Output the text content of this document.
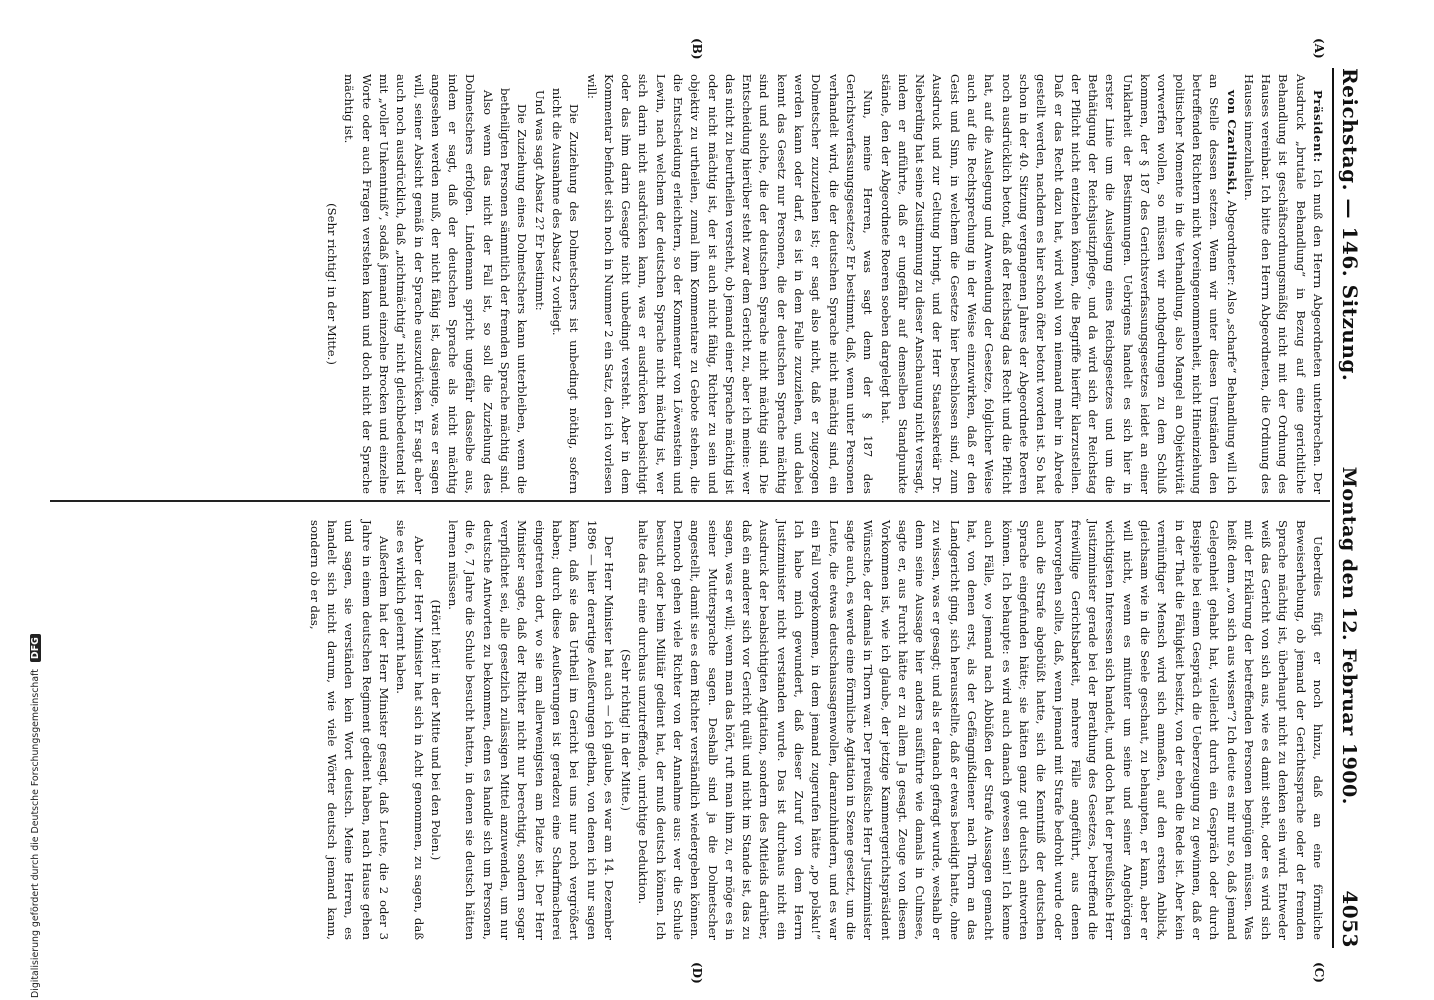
Reichstag. — 146. Sitzung.
Montag den 12. Februar 1900.
4053
(A)
(B)
(C)
(D)

Präsident: Ich muß den Herrn Abgeordneten unterbrechen. Der Ausdruck „brutale Behandlung“ in Bezug auf eine gerichtliche Behandlung ist geschäftsordnungsmäßig nicht mit der Ordnung des Hauses vereinbar. Ich bitte den Herrn Abgeordneten, die Ordnung des Hauses innezuhalten.

von Czarlinski, Abgeordneter: Also „scharfe“ Behandlung will ich an Stelle dessen setzen. Wenn wir unter diesen Umständen den betreffenden Richtern nicht Voreingenommenheit, nicht Hineinziehung politischer Momente in die Verhandlung, also Mangel an Objektivität vorwerfen wollen, so müssen wir nothgedrungen zu dem Schluß kommen, der § 187 des Gerichtsverfassungsgesetzes leidet an einer Unklarheit der Bestimmungen. Uebrigens handelt es sich hier in erster Linie um die Auslegung eines Reichsgesetzes und um die Bethätigung der Reichsjustizpflege, und da wird sich der Reichstag der Pflicht nicht entziehen können, die Begriffe hierfür klarzustellen. Daß er das Recht dazu hat, wird wohl von niemand mehr in Abrede gestellt werden, nachdem es hier schon öfter betont worden ist. So hat schon in der 40. Sitzung vergangenen Jahres der Abgeordnete Roeren noch ausdrücklich betont, daß der Reichstag das Recht und die Pflicht hat, auf die Auslegung und Anwendung der Gesetze, folglicher Weise auch auf die Rechtsprechung in der Weise einzuwirken, daß er den Geist und Sinn, in welchem die Gesetze hier beschlossen sind, zum Ausdruck und zur Geltung bringt, und der Herr Staatssekretär Dr. Nieberding hat seine Zustimmung zu dieser Anschauung nicht versagt, indem er anführte, daß er ungefähr auf demselben Standpunkte stände, den der Abgeordnete Roeren soeben dargelegt hat.

Nun, meine Herren, was sagt denn der § 187 des Gerichtsverfassungsgesetzes? Er bestimmt, daß, wenn unter Personen verhandelt wird, die der deutschen Sprache nicht mächtig sind, ein Dolmetscher zuzuziehen ist; er sagt also nicht, daß er zugezogen werden kann oder darf, es ist in dem Falle zuzuziehen, und dabei kennt das Gesetz nur Personen, die der deutschen Sprache mächtig sind und solche, die der deutschen Sprache nicht mächtig sind. Die Entscheidung hierüber steht zwar dem Gericht zu, aber ich meine: wer das nicht zu beurtheilen versteht, ob jemand einer Sprache mächtig ist oder nicht mächtig ist, der ist auch nicht fähig, Richter zu sein und objektiv zu urtheilen, zumal ihm Kommentare zu Gebote stehen, die die Entscheidung erleichtern, so der Kommentar von Löwenstein und Lewin, nach welchem der deutschen Sprache nicht mächtig ist, wer sich darin nicht ausdrücken kann, was er ausdrücken beabsichtigt oder das ihm darin Gesagte nicht unbedingt versteht. Aber in dem Kommentar befindet sich noch in Nummer 2 ein Satz, den ich vorlesen will:

Die Zuziehung des Dolmetschers ist unbedingt nöthig, sofern nicht die Ausnahme des Absatz 2 vorliegt.

Und was sagt Absatz 2? Er bestimmt:

Die Zuziehung eines Dolmetschers kann unterbleiben, wenn die betheiligten Personen sämmtlich der fremden Sprache mächtig sind.

Also wenn das nicht der Fall ist, so soll die Zuziehung des Dolmetschers erfolgen. Lindemann spricht ungefähr dasselbe aus, indem er sagt, daß der deutschen Sprache als nicht mächtig angesehen werden muß, der nicht fähig ist, dasjenige, was er sagen will, seiner Absicht gemäß in der Sprache auszudrücken. Er sagt aber auch noch ausdrücklich, daß „nichtmächtig“ nicht gleichbedeutend ist mit „voller Unkenntniß“, sodaß jemand einzelne Brocken und einzelne Worte oder auch Fragen verstehen kann und doch nicht der Sprache mächtig ist.

(Sehr richtig! in der Mitte.)

Ueberdies fügt er noch hinzu, daß an eine förmliche Beweiserhebung, ob jemand der Gerichtssprache oder der fremden Sprache mächtig ist, überhaupt nicht zu denken sein wird. Entweder weiß das Gericht von sich aus, wie es damit steht, oder es wird sich mit der Erklärung der betreffenden Personen begnügen müssen. Was heißt denn „von sich aus wissen“? Ich deute es mir nur so, daß jemand Gelegenheit gehabt hat, vielleicht durch ein Gespräch oder durch Beispiele bei einem Gespräch die Ueberzeugung zu gewinnen, daß er in der That die Fähigkeit besitzt, von der eben die Rede ist. Aber kein vernünftiger Mensch wird sich anmaßen, auf den ersten Anblick, gleichsam wie in die Seele geschaut, zu behaupten, er kann, aber er will nicht, wenn es mitunter um seine und seiner Angehörigen wichtigsten Interessen sich handelt, und doch hat der preußische Herr Justizminister gerade bei der Berathung des Gesetzes, betreffend die freiwillige Gerichtsbarkeit, mehrere Fälle angeführt, aus denen hervorgehen sollte, daß, wenn jemand mit Strafe bedroht wurde oder auch die Strafe abgebüßt hatte, sich die Kenntniß der deutschen Sprache eingefunden hätte; sie hätten ganz gut deutsch antworten können. Ich behaupte: es wird auch danach gewesen sein! Ich kenne auch Fälle, wo jemand nach Abbüßen der Strafe Aussagen gemacht hat, von denen erst, als der Gefängnißdiener nach Thorn an das Landgericht ging, sich herausstellte, daß er etwas beeidigt hatte, ohne zu wissen, was er gesagt; und als er danach gefragt wurde, weshalb er denn seine Aussage hier anders ausführte wie damals in Culmsee, sagte er, aus Furcht hätte er zu allem Ja gesagt. Zeuge von diesem Vorkommen ist, wie ich glaube, der jetzige Kammergerichtspräsident Wünsche, der damals in Thorn war. Der preußische Herr Justizminister sagte auch, es werde eine förmliche Agitation in Szene gesetzt, um die Leute, die etwas deutschaussagenwollen, daranzuhindern, und es war ein Fall vorgekommen, in dem jemand zugerufen hätte „po polsku!“ Ich habe mich gewundert, daß dieser Zuruf von dem Herrn Justizminister nicht verstanden wurde. Das ist durchaus nicht ein Ausdruck der beabsichtigten Agitation, sondern des Mitleids darüber, daß ein anderer sich vor Gericht quält und nicht im Stande ist, das zu sagen, was er will; wenn man das hört, ruft man ihm zu, er möge es in seiner Muttersprache sagen. Deshalb sind ja die Dolmetscher angestellt, damit sie es dem Richter verständlich wiedergeben können. Dennoch gehen viele Richter von der Annahme aus: wer die Schule besucht oder beim Militär gedient hat, der muß deutsch können. Ich halte das für eine durchaus unzutreffende, unrichtige Deduktion.

(Sehr richtig! in der Mitte.)

Der Herr Minister hat auch — ich glaube, es war am 14. Dezember 1896 — hier derartige Aeußerungen gethan, von denen ich nur sagen kann, daß sie das Urtheil im Gericht bei uns nur noch vergrößert haben; durch diese Aeußerungen ist geradezu eine Scharfmacherei eingetreten dort, wo sie am allerwenigsten am Platze ist. Der Herr Minister sagte, daß der Richter nicht nur berechtigt, sondern sogar verpflichtet sei, alle gesetzlich zulässigen Mittel anzuwenden, um nur deutsche Antworten zu bekommen, denn es handle sich um Personen, die 6, 7 Jahre die Schule besucht hatten, in denen sie deutsch hätten lernen müssen.

(Hört! hört! in der Mitte und bei den Polen.)

Aber der Herr Minister hat sich in Acht genommen, zu sagen, daß sie es wirklich gelernt haben.

Außerdem hat der Herr Minister gesagt, daß Leute, die 2 oder 3 Jahre in einem deutschen Regiment gedient haben, nach Hause gehen und sagen, sie verständen kein Wort deutsch. Meine Herren, es handelt sich nicht darum, wie viele Wörter deutsch jemand kann, sondern ob er das,

Digitalisierung gefördert durch die Deutsche Forschungsgemeinschaft DFG
